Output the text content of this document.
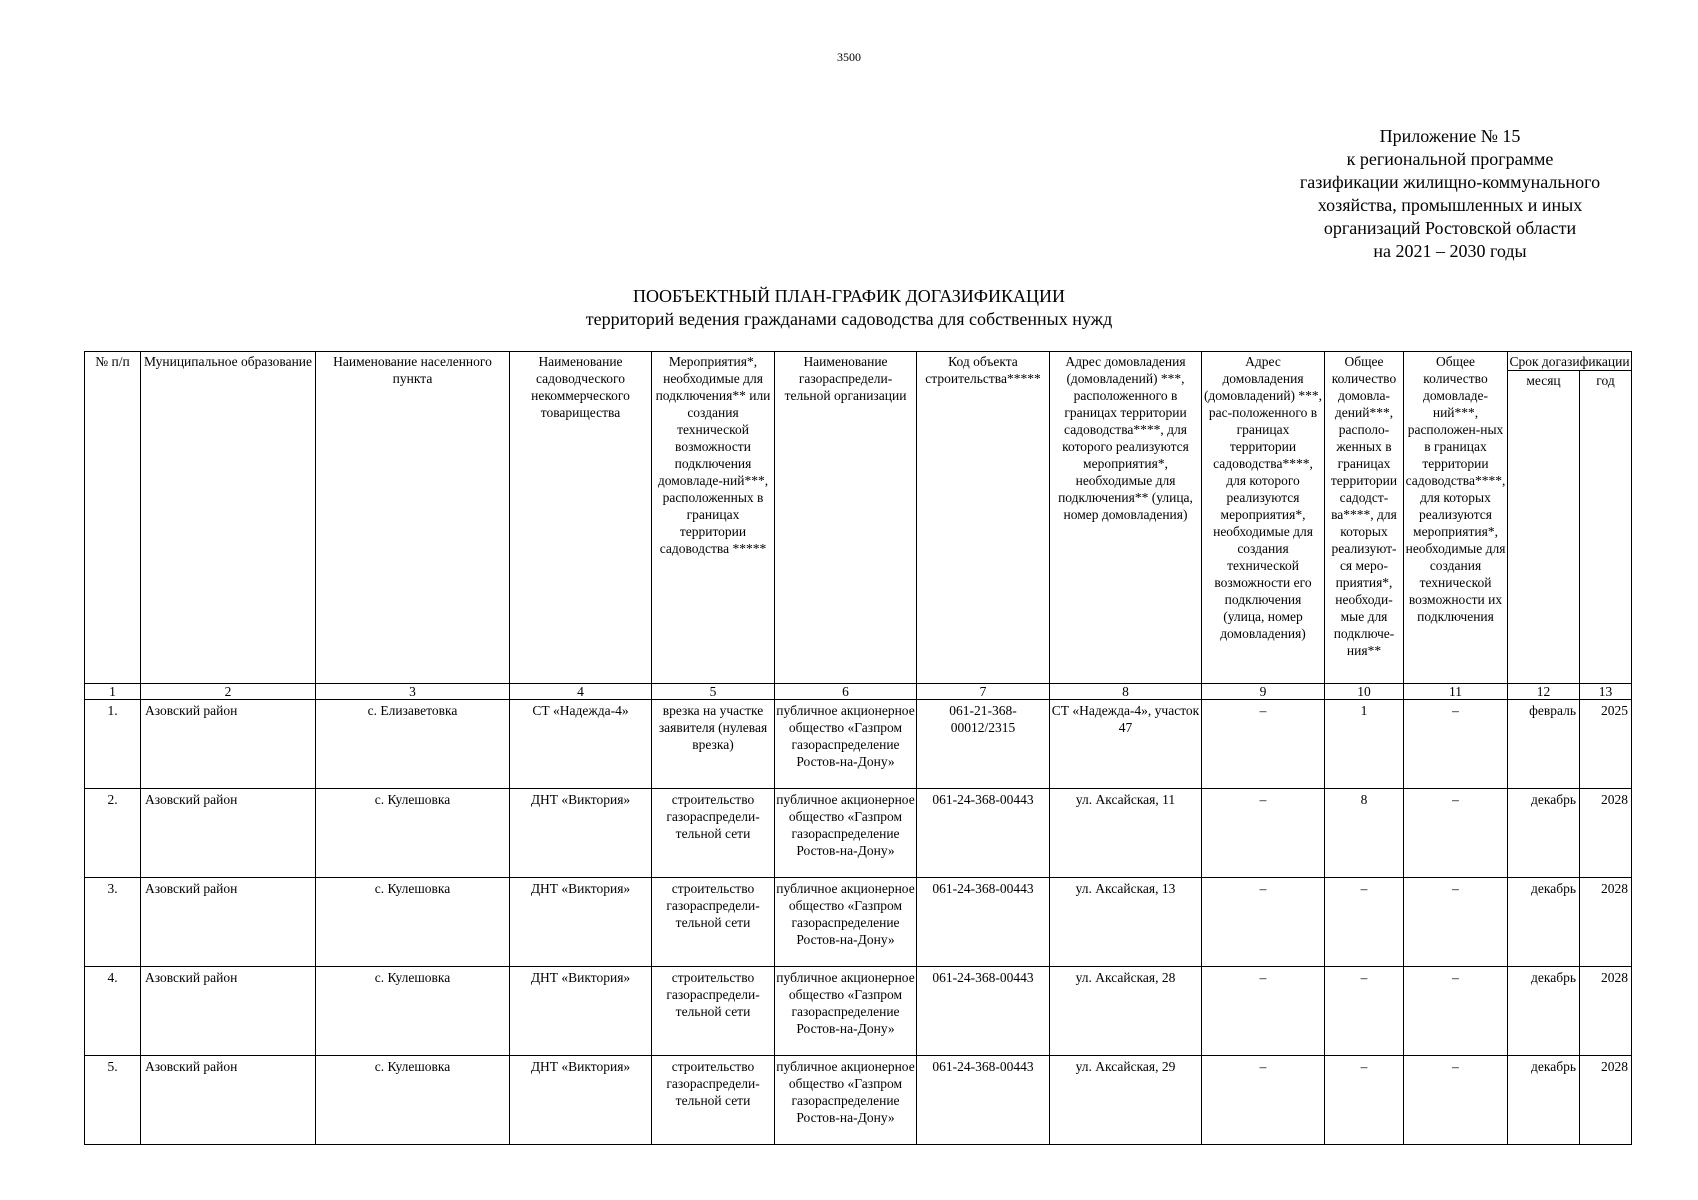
3500
Приложение № 15
к региональной программе
газификации жилищно-коммунального
хозяйства, промышленных и иных
организаций Ростовской области
на 2021 – 2030 годы
ПООБЪЕКТНЫЙ ПЛАН-ГРАФИК ДОГАЗИФИКАЦИИ
территорий ведения гражданами садоводства для собственных нужд
№ п/п	Муниципальное образование	Наименование населенного пункта	Наименование садоводческого некоммерческого товарищества	Мероприятия*, необходимые для подключения** или создания технической возможности подключения домовладе-ний***, расположенных в границах территории садоводства *****	Наименование газораспредели-тельной организации	Код объекта строительства*****	Адрес домовладения (домовладений) ***, расположенного в границах территории садоводства****, для которого реализуются мероприятия*, необходимые для подключения** (улица, номер домовладения)	Адрес домовладения (домовладений) ***, рас-положенного в границах территории садоводства****, для которого реализуются мероприятия*, необходимые для создания технической возможности его подключения (улица, номер домовладения)	Общее количество домовла-дений***, располо-женных в границах территории садодст-ва****, для которых реализуют-ся меро-приятия*, необходи-мые для подключе-ния**	Общее количество домовладе-ний***, расположен-ных в границах территории садоводства****, для которых реализуются мероприятия*, необходимые для создания технической возможности их подключения	Срок догазификации	
											месяц	год
1	2	3	4	5	6	7	8	9	10	11	12	13
1.	Азовский район	с. Елизаветовка	СТ «Надежда-4»	врезка на участке заявителя (нулевая врезка)	публичное акционерное общество «Газпром газораспределение Ростов-на-Дону»	061-21-368-00012/2315	СТ «Надежда-4», участок 47	–	1	–	февраль	2025
2.	Азовский район	с. Кулешовка	ДНТ «Виктория»	строительство газораспредели-тельной сети	публичное акционерное общество «Газпром газораспределение Ростов-на-Дону»	061-24-368-00443	ул. Аксайская, 11	–	8	–	декабрь	2028
3.	Азовский район	с. Кулешовка	ДНТ «Виктория»	строительство газораспредели-тельной сети	публичное акционерное общество «Газпром газораспределение Ростов-на-Дону»	061-24-368-00443	ул. Аксайская, 13	–	–	–	декабрь	2028
4.	Азовский район	с. Кулешовка	ДНТ «Виктория»	строительство газораспредели-тельной сети	публичное акционерное общество «Газпром газораспределение Ростов-на-Дону»	061-24-368-00443	ул. Аксайская, 28	–	–	–	декабрь	2028
5.	Азовский район	с. Кулешовка	ДНТ «Виктория»	строительство газораспредели-тельной сети	публичное акционерное общество «Газпром газораспределение Ростов-на-Дону»	061-24-368-00443	ул. Аксайская, 29	–	–	–	декабрь	2028
